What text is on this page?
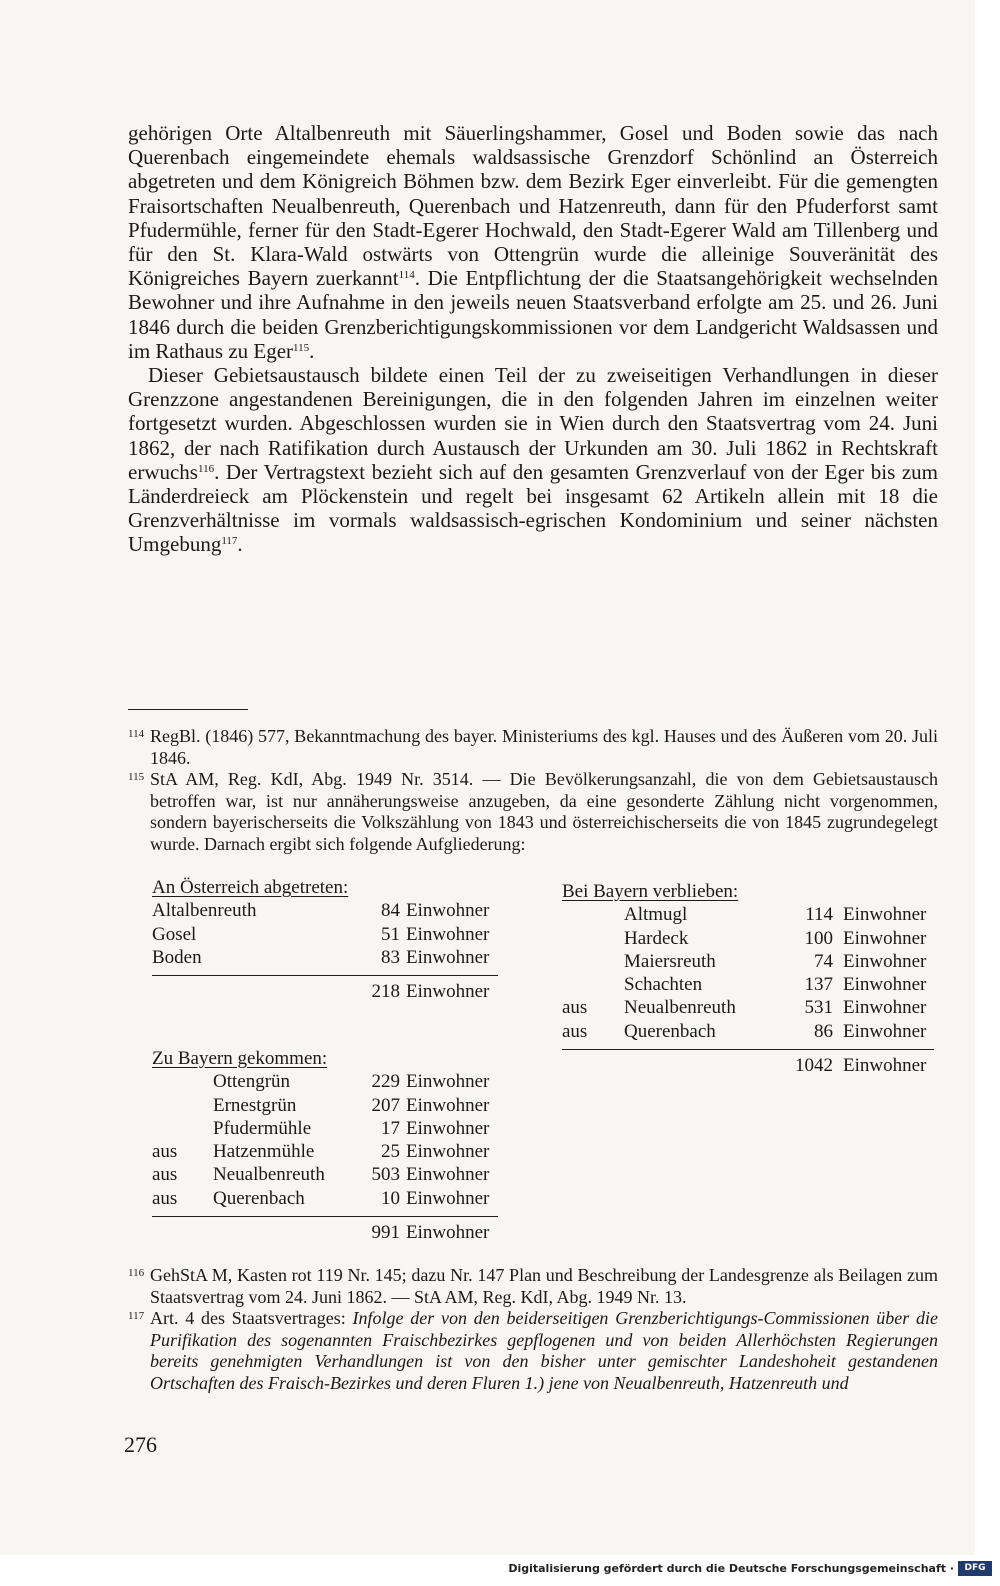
gehörigen Orte Altalbenreuth mit Säuerlingshammer, Gosel und Boden sowie das nach Querenbach eingemeindete ehemals waldsassische Grenzdorf Schönlind an Österreich abgetreten und dem Königreich Böhmen bzw. dem Bezirk Eger einverleibt. Für die gemengten Fraisortschaften Neualbenreuth, Querenbach und Hatzenreuth, dann für den Pfuderforst samt Pfudermühle, ferner für den Stadt-Egerer Hochwald, den Stadt-Egerer Wald am Tillenberg und für den St. Klara-Wald ostwärts von Ottengrün wurde die alleinige Souveränität des Königreiches Bayern zuerkannt$^{114}$. Die Entpflichtung der die Staatsangehörigkeit wechselnden Bewohner und ihre Aufnahme in den jeweils neuen Staatsverband erfolgte am 25. und 26. Juni 1846 durch die beiden Grenzberichtigungskommissionen vor dem Landgericht Waldsassen und im Rathaus zu Eger$^{115}$.

Dieser Gebietsaustausch bildete einen Teil der zu zweiseitigen Verhandlungen in dieser Grenzzone angestandenen Bereinigungen, die in den folgenden Jahren im einzelnen weiter fortgesetzt wurden. Abgeschlossen wurden sie in Wien durch den Staatsvertrag vom 24. Juni 1862, der nach Ratifikation durch Austausch der Urkunden am 30. Juli 1862 in Rechtskraft erwuchs$^{116}$. Der Vertragstext bezieht sich auf den gesamten Grenzverlauf von der Eger bis zum Länderdreieck am Plöckenstein und regelt bei insgesamt 62 Artikeln allein mit 18 die Grenzverhältnisse im vormals waldsassisch-egrischen Kondominium und seiner nächsten Umgebung$^{117}$.

114 RegBl. (1846) 577, Bekanntmachung des bayer. Ministeriums des kgl. Hauses und des Äußeren vom 20. Juli 1846.

115 StA AM, Reg. KdI, Abg. 1949 Nr. 3514. — Die Bevölkerungsanzahl, die von dem Gebietsaustausch betroffen war, ist nur annäherungsweise anzugeben, da eine gesonderte Zählung nicht vorgenommen, sondern bayerischerseits die Volkszählung von 1843 und österreichischerseits die von 1845 zugrundegelegt wurde. Darnach ergibt sich folgende Aufgliederung:

An Österreich abgetreten:
Altalbenreuth	84 Einwohner
Gosel	51 Einwohner
Boden	83 Einwohner
218 Einwohner
Zu Bayern gekommen:
Ottengrün	229 Einwohner
Ernestgrün	207 Einwohner
Pfudermühle	17 Einwohner
aus Hatzenmühle	25 Einwohner
aus Neualbenreuth	503 Einwohner
aus Querenbach	10 Einwohner
991 Einwohner
Bei Bayern verblieben:
Altmugl	114 Einwohner
Hardeck	100 Einwohner
Maiersreuth	74 Einwohner
Schachten	137 Einwohner
aus Neualbenreuth	531 Einwohner
aus Querenbach	86 Einwohner
1042 Einwohner
116 GehStA M, Kasten rot 119 Nr. 145; dazu Nr. 147 Plan und Beschreibung der Landesgrenze als Beilagen zum Staatsvertrag vom 24. Juni 1862. — StA AM, Reg. KdI, Abg. 1949 Nr. 13.

117 Art. 4 des Staatsvertrages: Infolge der von den beiderseitigen Grenzberichtigungs-Commissionen über die Purifikation des sogenannten Fraischbezirkes gepflogenen und von beiden Allerhöchsten Regierungen bereits genehmigten Verhandlungen ist von den bisher unter gemischter Landeshoheit gestandenen Ortschaften des Fraisch-Bezirkes und deren Fluren 1.) jene von Neualbenreuth, Hatzenreuth und

276
Digitalisierung gefördert durch die Deutsche Forschungsgemeinschaft ·	DFG
